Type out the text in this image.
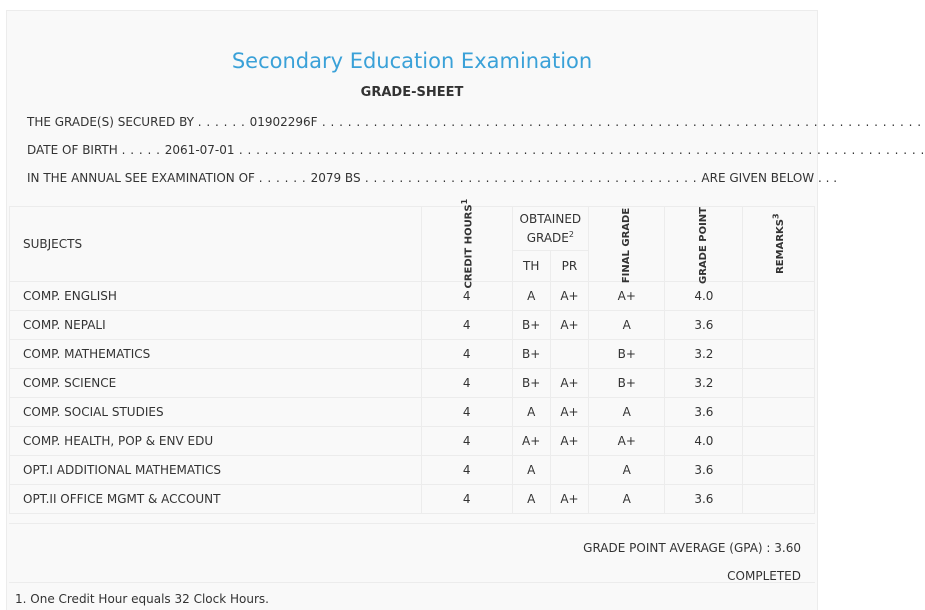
Secondary Education Examination
GRADE-SHEET
THE GRADE(S) SECURED BY . . . . . . 01902296F . . . . . . . . . . . . . . . . . . . . . . . . . . . . . . . . . . . . . . . . . . . . . . . . . . . . . . . . . . . . . . . . . . . . . .
DATE OF BIRTH . . . . . 2061-07-01 . . . . . . . . . . . . . . . . . . . . . . . . . . . . . . . . . . . . . . . . . . . . . . . . . . . . . . . . . . . . . . . . . . . . . . . . . . . . . . . .
IN THE ANNUAL SEE EXAMINATION OF . . . . . . 2079 BS . . . . . . . . . . . . . . . . . . . . . . . . . . . . . . . . . . . . . . . ARE GIVEN BELOW . . .
SUBJECTS	CREDIT HOURS$^1$	OBTAINED GRADE$^2$		FINAL GRADE	GRADE POINT	REMARKS$^3$
		TH	PR			
COMP. ENGLISH	4	A	A+	A+	4.0	
COMP. NEPALI	4	B+	A+	A	3.6	
COMP. MATHEMATICS	4	B+		B+	3.2	
COMP. SCIENCE	4	B+	A+	B+	3.2	
COMP. SOCIAL STUDIES	4	A	A+	A	3.6	
COMP. HEALTH, POP & ENV EDU	4	A+	A+	A+	4.0	
OPT.I ADDITIONAL MATHEMATICS	4	A		A	3.6	
OPT.II OFFICE MGMT & ACCOUNT	4	A	A+	A	3.6	
GRADE POINT AVERAGE (GPA) : 3.60
COMPLETED
1. One Credit Hour equals 32 Clock Hours.
